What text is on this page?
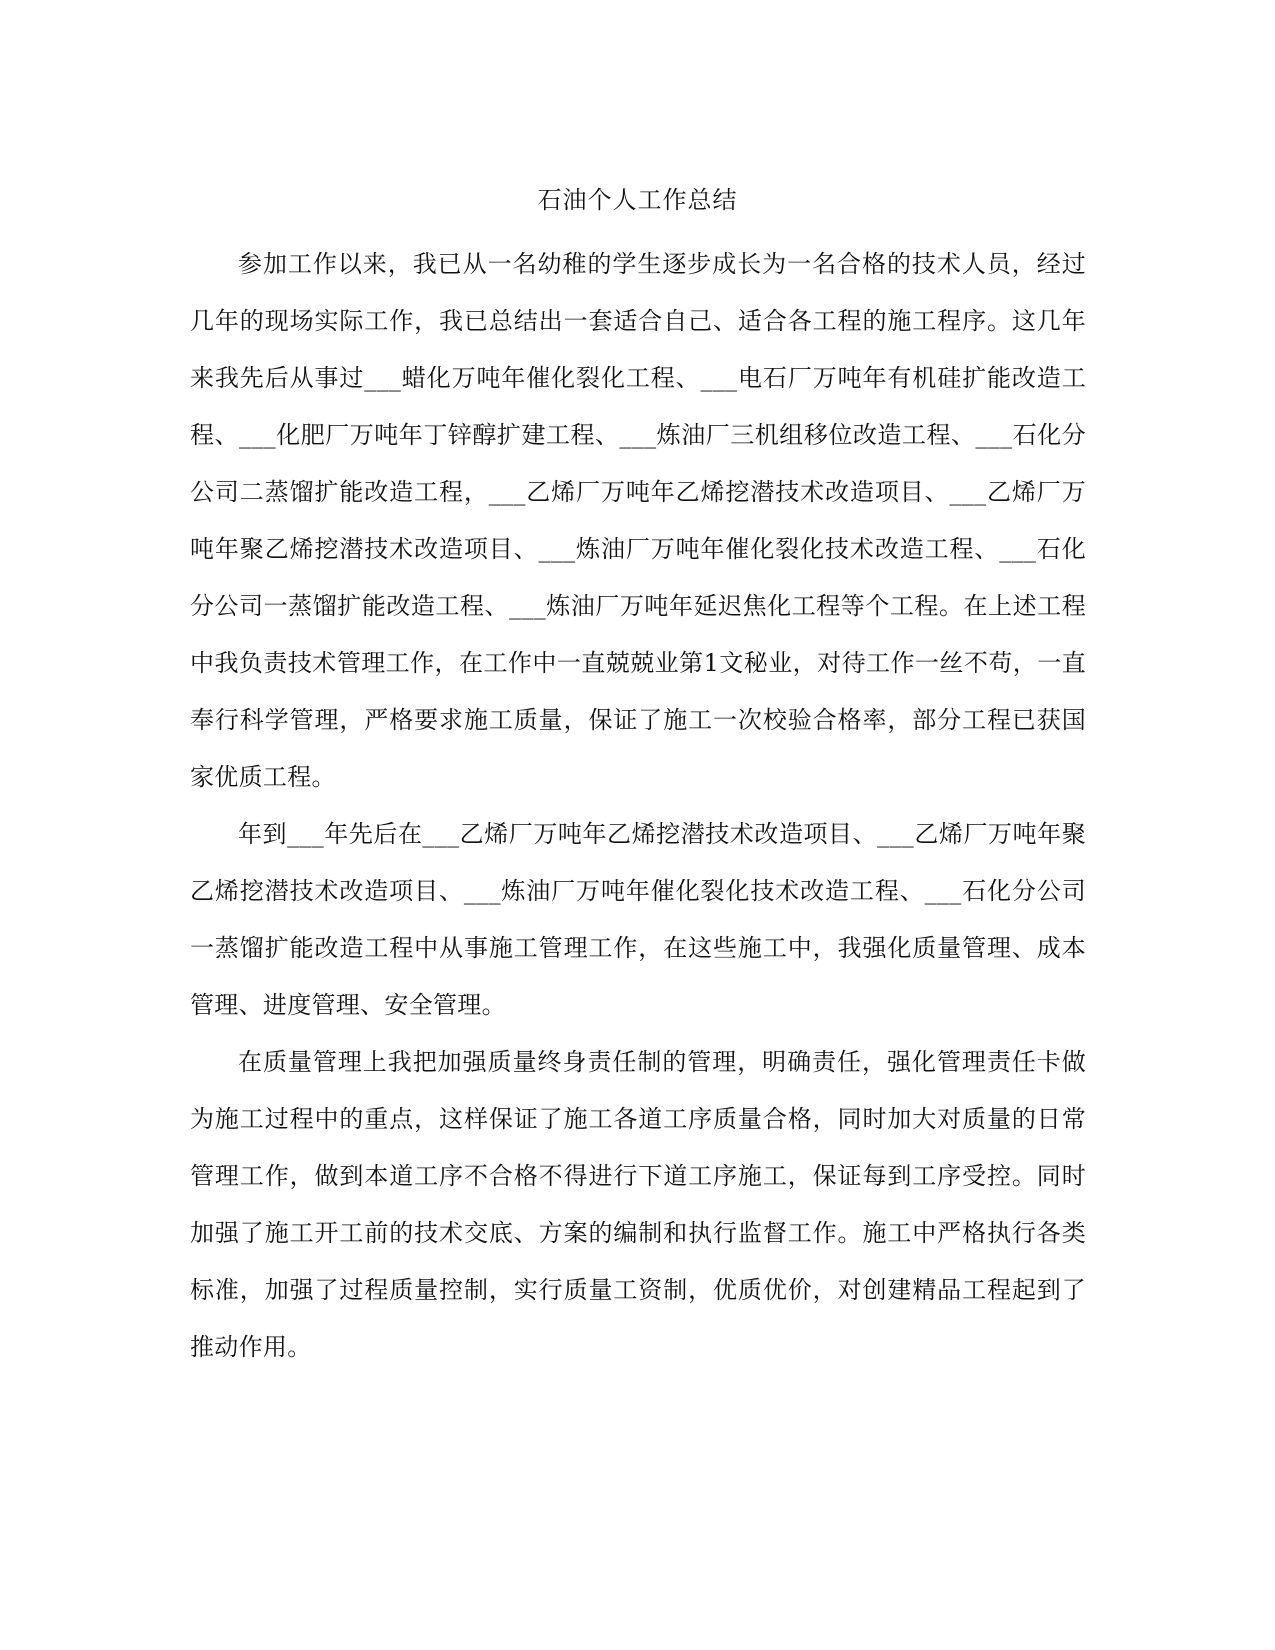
石油个人工作总结

参加工作以来，我已从一名幼稚的学生逐步成长为一名合格的技术人员，经过几年的现场实际工作，我已总结出一套适合自己、适合各工程的施工程序。这几年来我先后从事过___蜡化万吨年催化裂化工程、___电石厂万吨年有机硅扩能改造工程、___化肥厂万吨年丁锌醇扩建工程、___炼油厂三机组移位改造工程、___石化分公司二蒸馏扩能改造工程，___乙烯厂万吨年乙烯挖潜技术改造项目、___乙烯厂万吨年聚乙烯挖潜技术改造项目、___炼油厂万吨年催化裂化技术改造工程、___石化分公司一蒸馏扩能改造工程、___炼油厂万吨年延迟焦化工程等个工程。在上述工程中我负责技术管理工作，在工作中一直兢兢业第1文秘业，对待工作一丝不苟，一直奉行科学管理，严格要求施工质量，保证了施工一次校验合格率，部分工程已获国家优质工程。

年到___年先后在___乙烯厂万吨年乙烯挖潜技术改造项目、___乙烯厂万吨年聚乙烯挖潜技术改造项目、___炼油厂万吨年催化裂化技术改造工程、___石化分公司一蒸馏扩能改造工程中从事施工管理工作，在这些施工中，我强化质量管理、成本管理、进度管理、安全管理。

在质量管理上我把加强质量终身责任制的管理，明确责任，强化管理责任卡做为施工过程中的重点，这样保证了施工各道工序质量合格，同时加大对质量的日常管理工作，做到本道工序不合格不得进行下道工序施工，保证每到工序受控。同时加强了施工开工前的技术交底、方案的编制和执行监督工作。施工中严格执行各类标准，加强了过程质量控制，实行质量工资制，优质优价，对创建精品工程起到了推动作用。
